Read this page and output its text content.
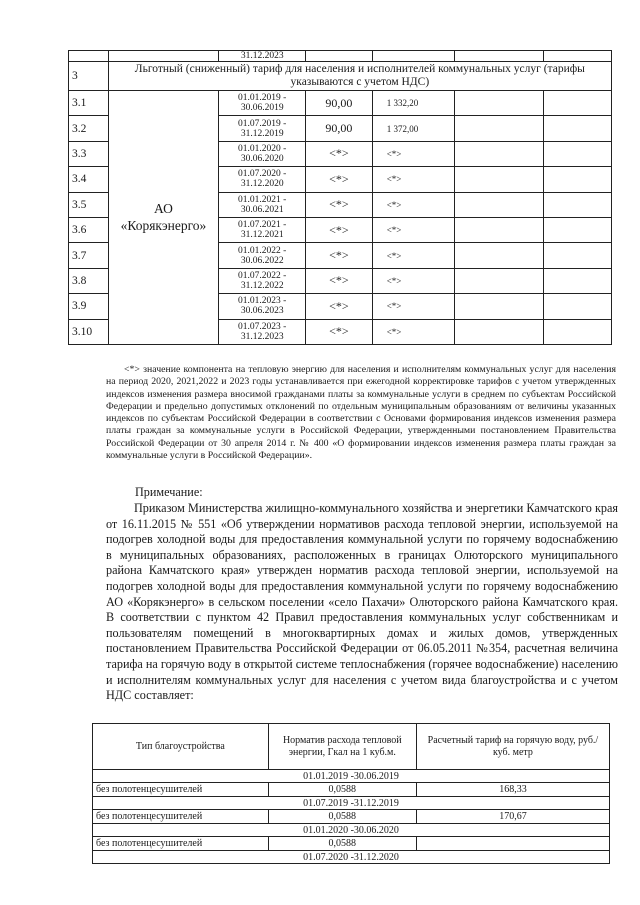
		31.12.2023				
3	Льготный (сниженный) тариф для населения и исполнителей коммунальных услуг (тарифы указываются с учетом НДС)					
3.1	АО «Корякэнерго»	01.01.2019 - 30.06.2019	90,00	1 332,20		
3.2		01.07.2019 - 31.12.2019	90,00	1 372,00		
3.3		01.01.2020 - 30.06.2020	<*>	<*>		
3.4		01.07.2020 - 31.12.2020	<*>	<*>		
3.5		01.01.2021 - 30.06.2021	<*>	<*>		
3.6		01.07.2021 - 31.12.2021	<*>	<*>		
3.7		01.01.2022 - 30.06.2022	<*>	<*>		
3.8		01.07.2022 - 31.12.2022	<*>	<*>		
3.9		01.01.2023 - 30.06.2023	<*>	<*>		
3.10		01.07.2023 - 31.12.2023	<*>	<*>		
<*> значение компонента на тепловую энергию для населения и исполнителям коммунальных услуг для населения на период 2020, 2021,2022 и 2023 годы устанавливается при ежегодной корректировке тарифов с учетом утвержденных индексов изменения размера вносимой гражданами платы за коммунальные услуги в среднем по субъектам Российской Федерации и предельно допустимых отклонений по отдельным муниципальным образованиям от величины указанных индексов по субъектам Российской Федерации в соответствии с Основами формирования индексов изменения размера платы граждан за коммунальные услуги в Российской Федерации, утвержденными постановлением Правительства Российской Федерации от 30 апреля 2014 г. № 400 «О формировании индексов изменения размера платы граждан за коммунальные услуги в Российской Федерации».
Примечание:
Приказом Министерства жилищно-коммунального хозяйства и энергетики Камчатского края от 16.11.2015 № 551 «Об утверждении нормативов расхода тепловой энергии, используемой на подогрев холодной воды для предоставления коммунальной услуги по горячему водоснабжению в муниципальных образованиях, расположенных в границах Олюторского муниципального района Камчатского края» утвержден норматив расхода тепловой энергии, используемой на подогрев холодной воды для предоставления коммунальной услуги по горячему водоснабжению АО «Корякэнерго» в сельском поселении «село Пахачи» Олюторского района Камчатского края. В соответствии с пунктом 42 Правил предоставления коммунальных услуг собственникам и пользователям помещений в многоквартирных домах и жилых домов, утвержденных постановлением Правительства Российской Федерации от 06.05.2011 №354, расчетная величина тарифа на горячую воду в открытой системе теплоснабжения (горячее водоснабжение) населению и исполнителям коммунальных услуг для населения с учетом вида благоустройства и с учетом НДС составляет:
Тип благоустройства	Норматив расхода тепловой энергии, Гкал на 1 куб.м.	Расчетный тариф на горячую воду, руб./куб. метр
01.01.2019 -30.06.2019		
без полотенцесушителей	0,0588	168,33
01.07.2019 -31.12.2019		
без полотенцесушителей	0,0588	170,67
01.01.2020 -30.06.2020		
без полотенцесушителей	0,0588	
01.07.2020 -31.12.2020		
